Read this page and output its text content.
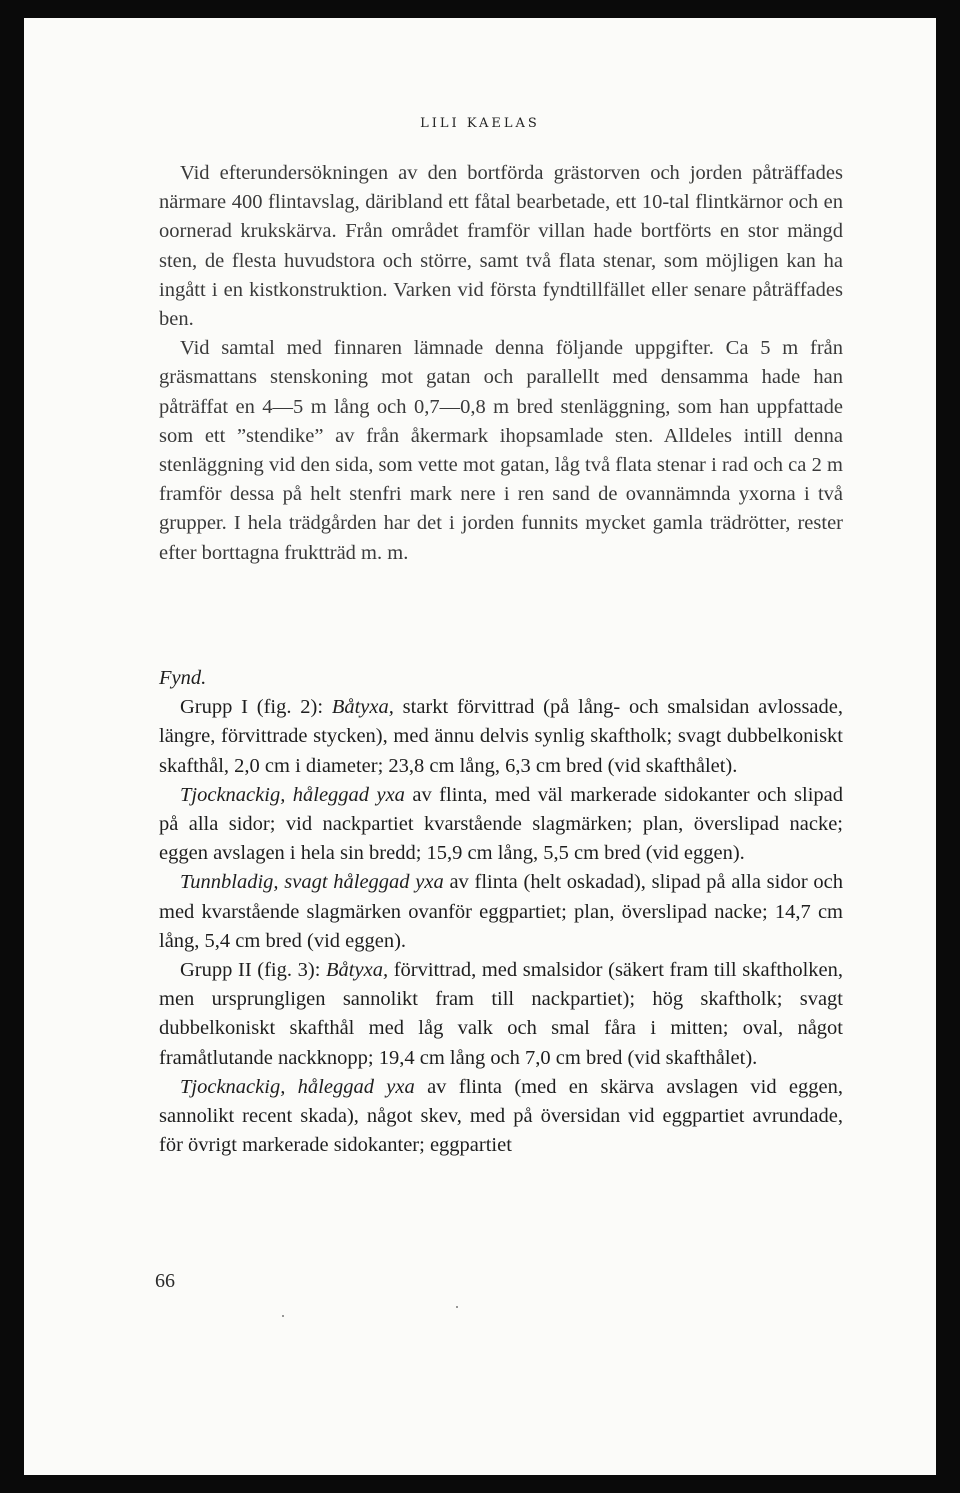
LILI KAELAS

Vid efterundersökningen av den bortförda grästorven och jorden påträffades närmare 400 flintavslag, däribland ett fåtal bearbetade, ett 10-tal flintkärnor och en oornerad krukskärva. Från området framför villan hade bortförts en stor mängd sten, de flesta huvudstora och större, samt två flata stenar, som möjligen kan ha ingått i en kistkonstruktion. Varken vid första fyndtillfället eller senare påträffades ben.

Vid samtal med finnaren lämnade denna följande uppgifter. Ca 5 m från gräsmattans stenskoning mot gatan och parallellt med densamma hade han påträffat en 4—5 m lång och 0,7—0,8 m bred stenläggning, som han uppfattade som ett ”stendike” av från åkermark ihopsamlade sten. Alldeles intill denna stenläggning vid den sida, som vette mot gatan, låg två flata stenar i rad och ca 2 m framför dessa på helt stenfri mark nere i ren sand de ovannämnda yxorna i två grupper. I hela trädgården har det i jorden funnits mycket gamla trädrötter, rester efter borttagna fruktträd m. m.

Fynd.

Grupp I (fig. 2): Båtyxa, starkt förvittrad (på lång- och smalsidan avlossade, längre, förvittrade stycken), med ännu delvis synlig skaftholk; svagt dubbelkoniskt skafthål, 2,0 cm i diameter; 23,8 cm lång, 6,3 cm bred (vid skafthålet).

Tjocknackig, hålеggad yxa av flinta, med väl markerade sidokanter och slipad på alla sidor; vid nackpartiet kvarstående slagmärken; plan, överslipad nacke; eggen avslagen i hela sin bredd; 15,9 cm lång, 5,5 cm bred (vid eggen).

Tunnbladig, svagt hålеggad yxa av flinta (helt oskadad), slipad på alla sidor och med kvarstående slagmärken ovanför eggpartiet; plan, överslipad nacke; 14,7 cm lång, 5,4 cm bred (vid eggen).

Grupp II (fig. 3): Båtyxa, förvittrad, med smalsidor (säkert fram till skaftholken, men ursprungligen sannolikt fram till nackpartiet); hög skaftholk; svagt dubbelkoniskt skafthål med låg valk och smal fåra i mitten; oval, något framåtlutande nackknopp; 19,4 cm lång och 7,0 cm bred (vid skafthålet).

Tjocknackig, hålеggad yxa av flinta (med en skärva avslagen vid eggen, sannolikt recent skada), något skev, med på översidan vid eggpartiet avrundade, för övrigt markerade sidokanter; eggpartiet

66
